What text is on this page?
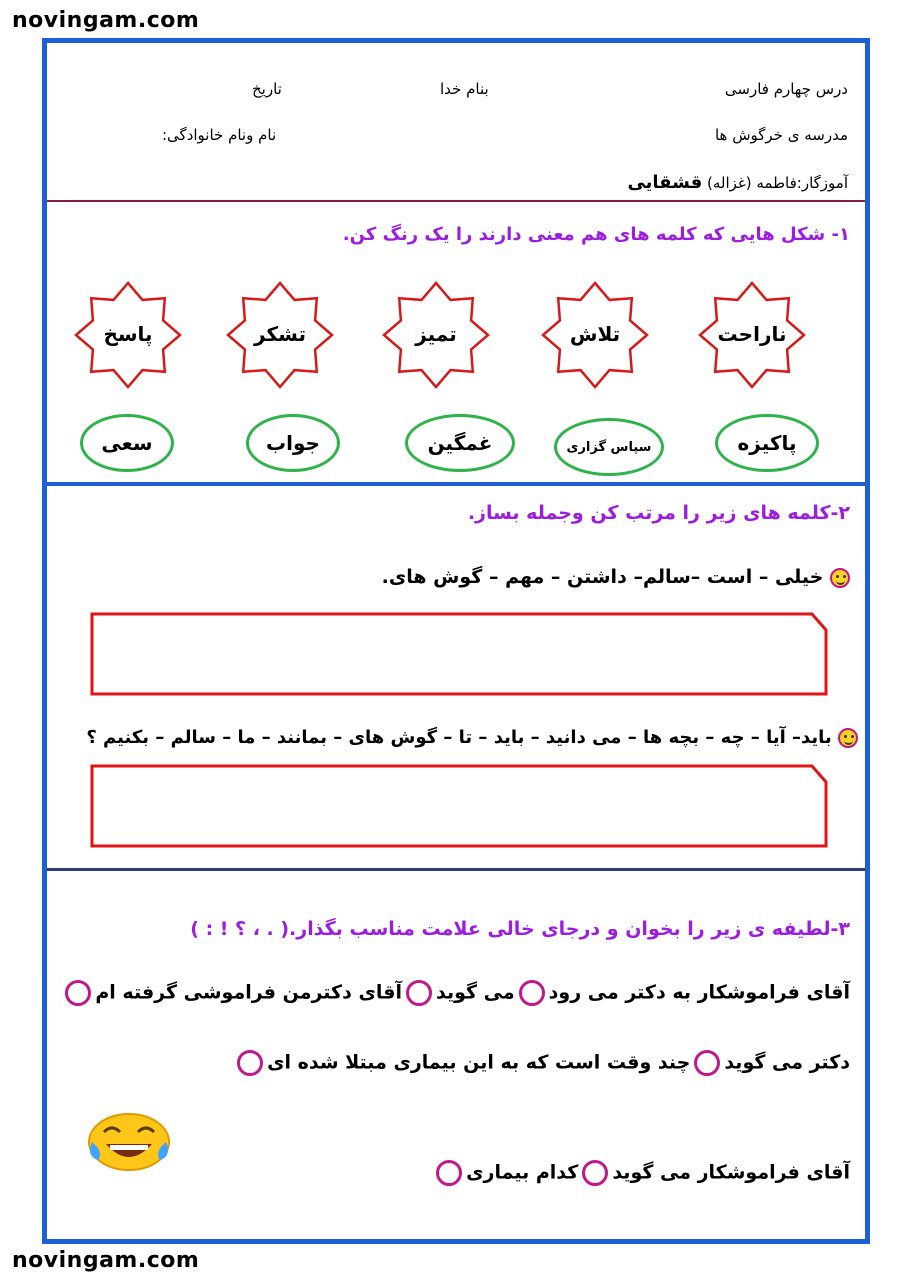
novingam.com
novingam.com
درس چهارم فارسی
بنام خدا
تاریخ
مدرسه ی خرگوش ها
نام ونام خانوادگی:
آموزگار:فاطمه (غزاله) قشقایی
۱- شکل هایی که کلمه های هم معنی دارند را یک رنگ کن.
ناراحت
تلاش
تمیز
تشکر
پاسخ
پاکیزه
سپاس گزاری
غمگین
جواب
سعی
۲-کلمه های زیر را مرتب کن وجمله بساز.
خیلی – است –سالم– داشتن – مهم – گوش های.
باید– آیا – چه – بچه ها – می دانید – باید – تا – گوش های – بمانند – ما – سالم – بکنیم ؟
۳-لطیفه ی زیر را بخوان و درجای خالی علامت مناسب بگذار.( . ، ؟ ! : )
آقای فراموشکار به دکتر می رودمی گویدآقای دکترمن فراموشی گرفته ام
دکتر می گویدچند وقت است که به این بیماری مبتلا شده ای
آقای فراموشکار می گویدکدام بیماری
